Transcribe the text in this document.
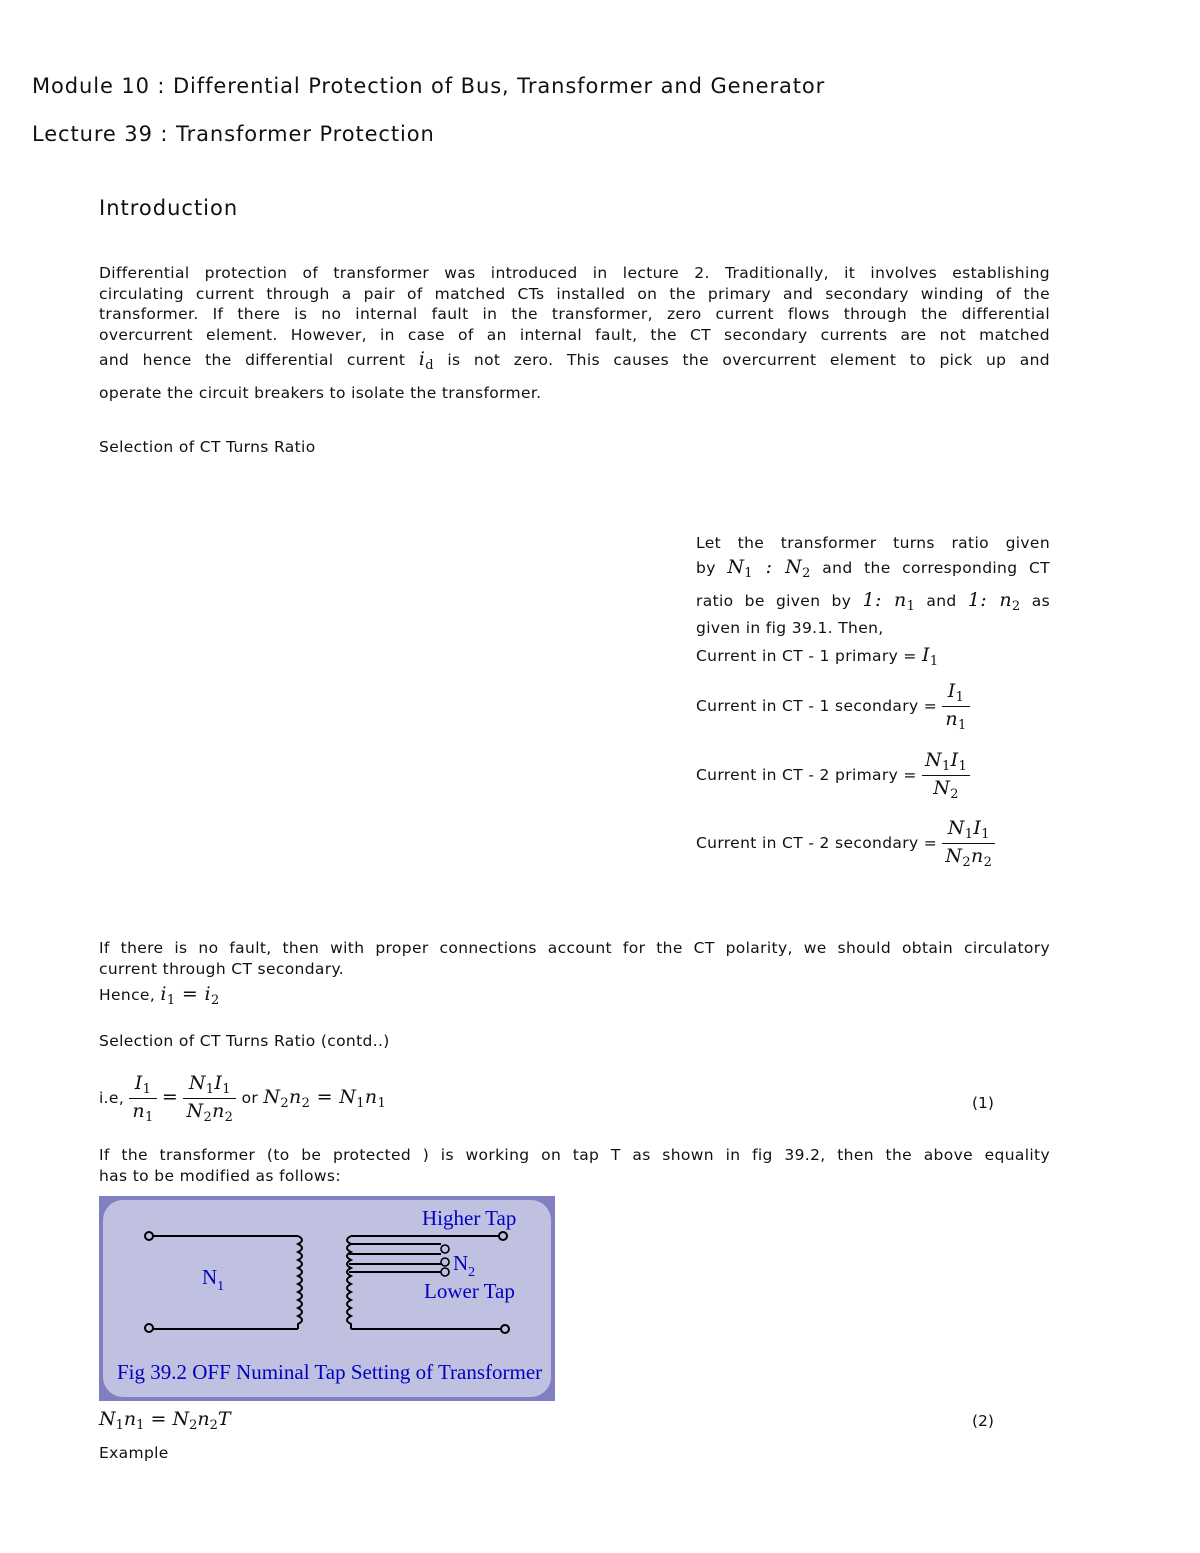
Module 10 : Differential Protection of Bus, Transformer and Generator
Lecture 39 : Transformer Protection
Introduction
Differential protection of transformer was introduced in lecture 2. Traditionally, it involves establishing
circulating current through a pair of matched CTs installed on the primary and secondary winding of the
transformer. If there is no internal fault in the transformer, zero current flows through the differential
overcurrent element. However, in case of an internal fault, the CT secondary currents are not matched
and hence the differential current $i_d$ is not zero. This causes the overcurrent element to pick up and
operate the circuit breakers to isolate the transformer.
Selection of CT Turns Ratio
Let the transformer turns ratio given
by $N_1$ : $N_2$ and the corresponding CT
ratio be given by 1: $n_1$ and 1: $n_2$ as
given in fig 39.1. Then,
Current in CT - 1 primary = $I_1$
Current in CT - 1 secondary = $\frac{I_1}{n_1}$
Current in CT - 2 primary = $\frac{N_1I_1}{N_2}$
Current in CT - 2 secondary = $\frac{N_1I_1}{N_2n_2}$
If there is no fault, then with proper connections account for the CT polarity, we should obtain circulatory
current through CT secondary.
Hence, $i_1 = i_2$
Selection of CT Turns Ratio (contd..)
i.e, $\frac{I_1}{n_1} = \frac{N_1I_1}{N_2n_2}$ or $N_2n_2 = N_1n_1$	(1)
If the transformer (to be protected ) is working on tap T as shown in fig 39.2, then the above equality
has to be modified as follows:
Higher Tap
Lower Tap
$N_1$
$N_2$
Fig 39.2 OFF Numinal Tap Setting of Transformer
$N_1n_1 = N_2n_2T$	(2)
Example
